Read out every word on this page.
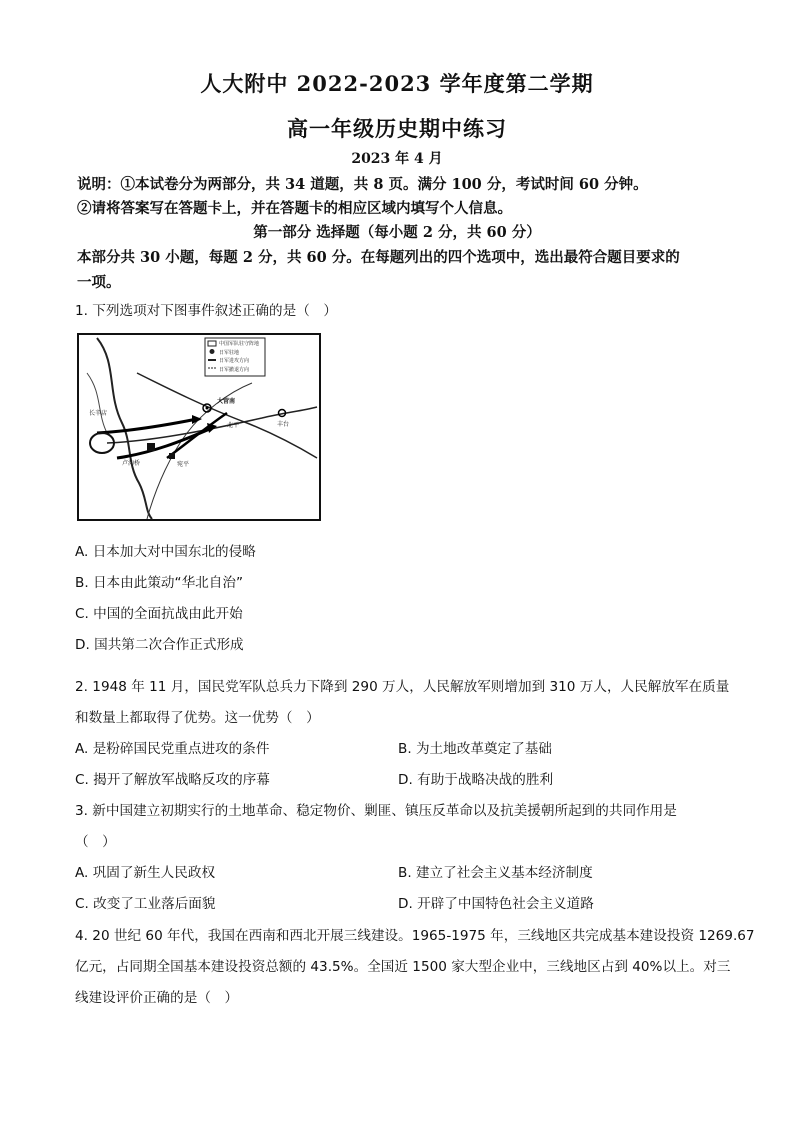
人大附中 2022-2023 学年度第二学期
高一年级历史期中练习
2023 年 4 月
说明：①本试卷分为两部分，共 34 道题，共 8 页。满分 100 分，考试时间 60 分钟。
②请将答案写在答题卡上，并在答题卡的相应区域内填写个人信息。
第一部分 选择题（每小题 2 分，共 60 分）
本部分共 30 小题，每题 2 分，共 60 分。在每题列出的四个选项中，选出最符合题目要求的
一项。
1. 下列选项对下图事件叙述正确的是（　）
中国军队驻守阵地
日军驻地
日军进攻方向
日军撤退方向
大营南
宛平
丰台
卢沟桥
长辛店
北平
A. 日本加大对中国东北的侵略
B. 日本由此策动“华北自治”
C. 中国的全面抗战由此开始
D. 国共第二次合作正式形成
2. 1948 年 11 月，国民党军队总兵力下降到 290 万人，人民解放军则增加到 310 万人，人民解放军在质量
和数量上都取得了优势。这一优势（　）
A. 是粉碎国民党重点进攻的条件	B. 为土地改革奠定了基础
C. 揭开了解放军战略反攻的序幕	D. 有助于战略决战的胜利
3. 新中国建立初期实行的土地革命、稳定物价、剿匪、镇压反革命以及抗美援朝所起到的共同作用是
（　）
A. 巩固了新生人民政权	B. 建立了社会主义基本经济制度
C. 改变了工业落后面貌	D. 开辟了中国特色社会主义道路
4. 20 世纪 60 年代，我国在西南和西北开展三线建设。1965-1975 年，三线地区共完成基本建设投资 1269.67
亿元，占同期全国基本建设投资总额的 43.5%。全国近 1500 家大型企业中，三线地区占到 40%以上。对三
线建设评价正确的是（　）
